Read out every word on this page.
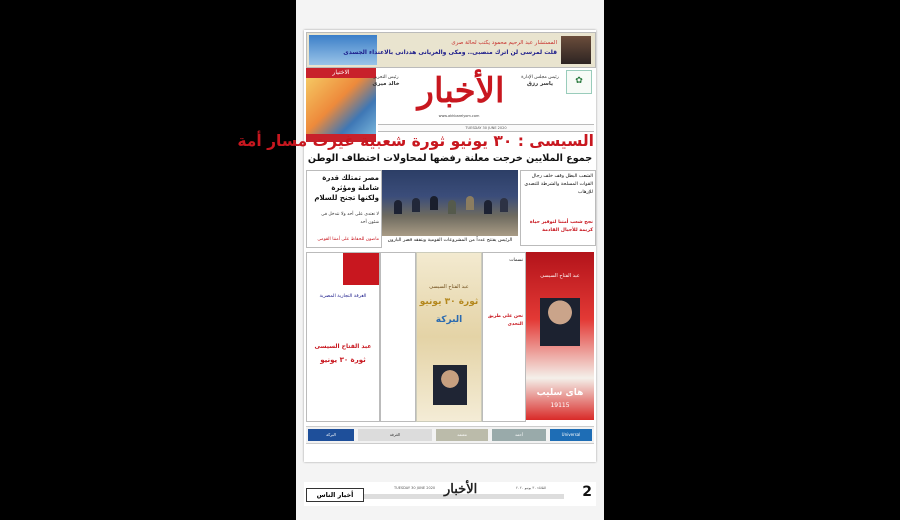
المستشار عبد الرحيم محمود يكتب لحالة صرى
قلت لمرسى لن اترك منصبى.. ومكى والغريانى هددانى بالاعتداء الجسدى
الاختيار
رئيس التحرير
خالد ميرى الأخبار
www.akhbarelyom.com
رئيس مجلس الإدارة
ياسر رزق	✿
TUESDAY 30 JUNE 2020
السيسى : ٣٠ يونيو ثورة شعبية غيرت مسار أمة
جموع الملايين خرجت معلنة رفضها لمحاولات اختطاف الوطن
مصر تمتلك قدرة شاملة ومؤثرة ولكنها تجنح للسلام
لا نعتدى على أحد ولا نتدخل فى شئون أحد
ماضون للحفاظ على أمننا القومى	الرئيس يفتتح عدداً من المشروعات القومية ويتفقد قصر البارون
الشعب البطل وقف خلف رجال القوات المسلحة والشرطة للتصدى للإرهاب
نجح شعب أمتنا لتوفير حياة كريمة للأجيال القادمة
الغرفة التجارية المصرية
عبد الفتاح السيسى
ثورة ٣٠ يونيو
عبد الفتاح السيسى
ثورة ٣٠ يونيو
البركة
نسمات
نحن على طريق التحدى
عبد الفتاح السيسى
هاى سليب
19115
Universal
أحمد
معتمد
الغرفة
البركة
أخبار الناس
TUESDAY 30 JUNE 2020 الأخبار	الثلاثاء ٣٠ يونيو ٢٠٢٠	2
